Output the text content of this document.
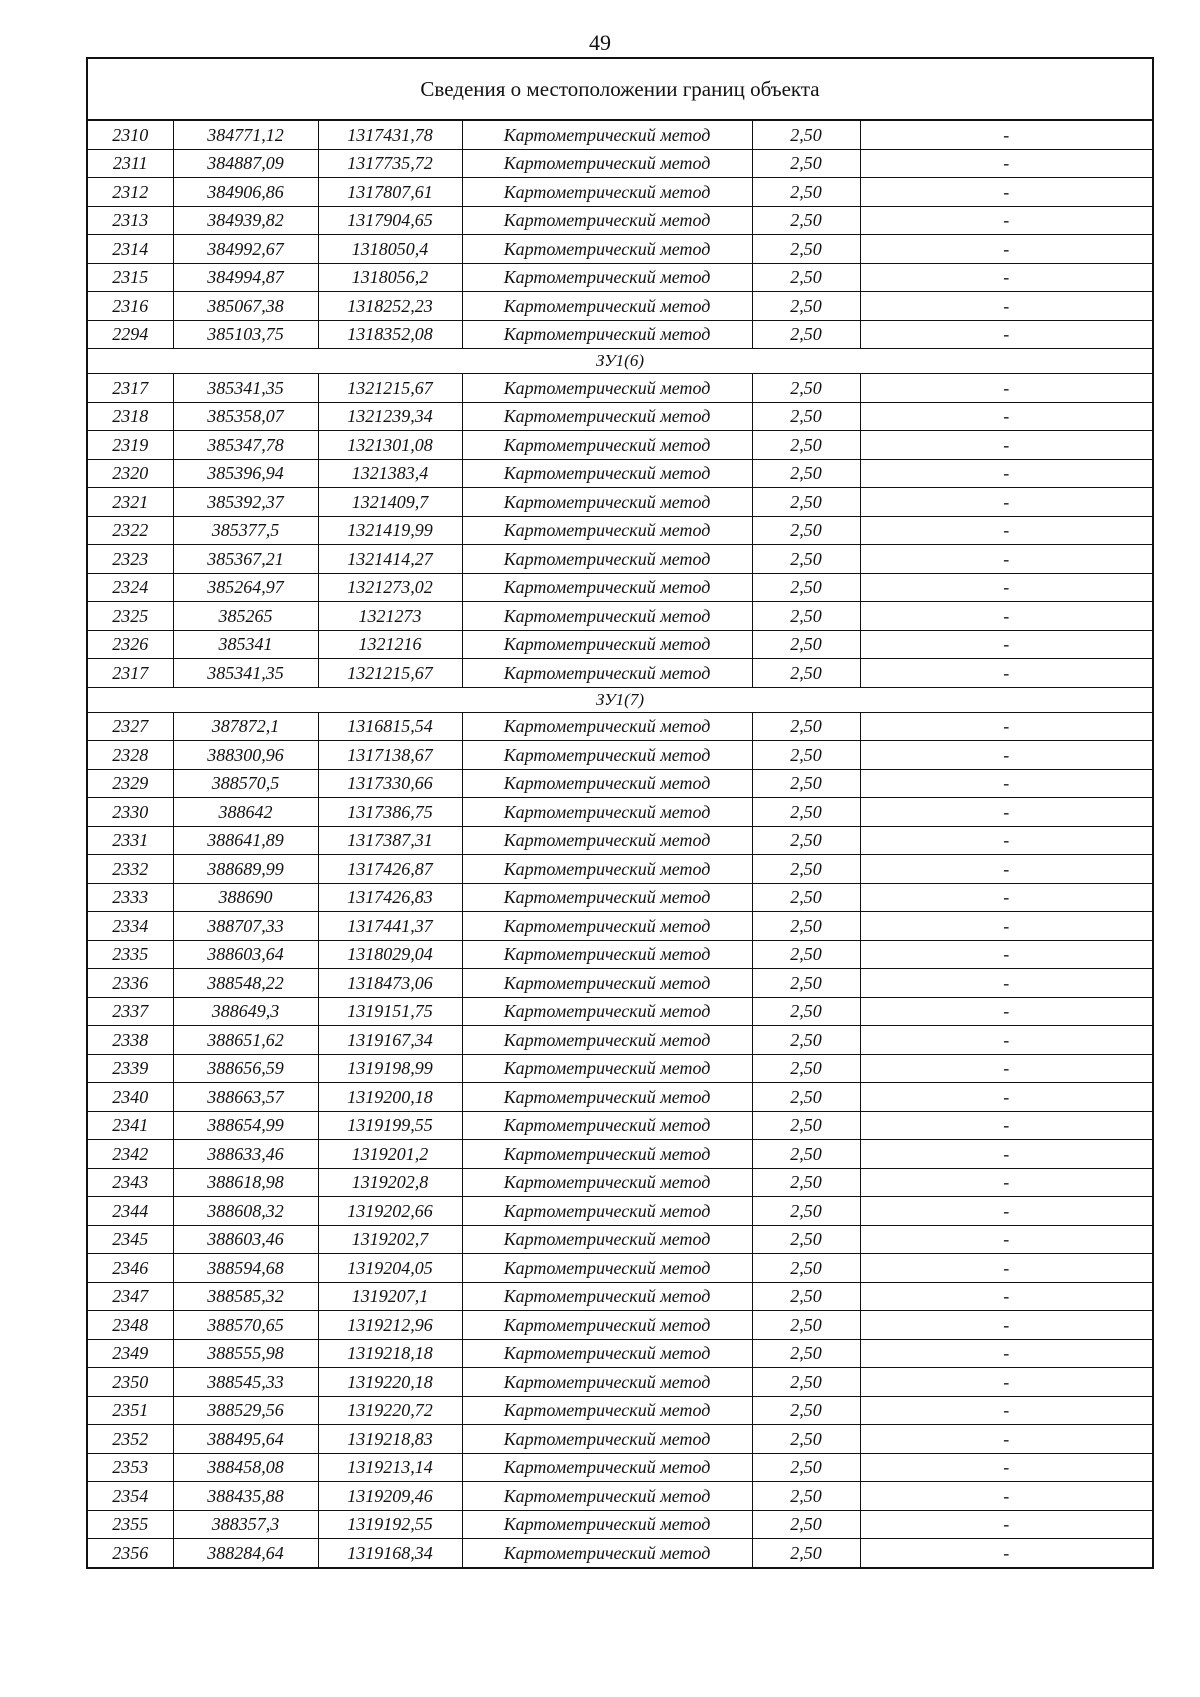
49
Сведения о местоположении границ объекта					
2310	384771,12	1317431,78	Картометрический метод	2,50	-
2311	384887,09	1317735,72	Картометрический метод	2,50	-
2312	384906,86	1317807,61	Картометрический метод	2,50	-
2313	384939,82	1317904,65	Картометрический метод	2,50	-
2314	384992,67	1318050,4	Картометрический метод	2,50	-
2315	384994,87	1318056,2	Картометрический метод	2,50	-
2316	385067,38	1318252,23	Картометрический метод	2,50	-
2294	385103,75	1318352,08	Картометрический метод	2,50	-
ЗУ1(6)					
2317	385341,35	1321215,67	Картометрический метод	2,50	-
2318	385358,07	1321239,34	Картометрический метод	2,50	-
2319	385347,78	1321301,08	Картометрический метод	2,50	-
2320	385396,94	1321383,4	Картометрический метод	2,50	-
2321	385392,37	1321409,7	Картометрический метод	2,50	-
2322	385377,5	1321419,99	Картометрический метод	2,50	-
2323	385367,21	1321414,27	Картометрический метод	2,50	-
2324	385264,97	1321273,02	Картометрический метод	2,50	-
2325	385265	1321273	Картометрический метод	2,50	-
2326	385341	1321216	Картометрический метод	2,50	-
2317	385341,35	1321215,67	Картометрический метод	2,50	-
ЗУ1(7)					
2327	387872,1	1316815,54	Картометрический метод	2,50	-
2328	388300,96	1317138,67	Картометрический метод	2,50	-
2329	388570,5	1317330,66	Картометрический метод	2,50	-
2330	388642	1317386,75	Картометрический метод	2,50	-
2331	388641,89	1317387,31	Картометрический метод	2,50	-
2332	388689,99	1317426,87	Картометрический метод	2,50	-
2333	388690	1317426,83	Картометрический метод	2,50	-
2334	388707,33	1317441,37	Картометрический метод	2,50	-
2335	388603,64	1318029,04	Картометрический метод	2,50	-
2336	388548,22	1318473,06	Картометрический метод	2,50	-
2337	388649,3	1319151,75	Картометрический метод	2,50	-
2338	388651,62	1319167,34	Картометрический метод	2,50	-
2339	388656,59	1319198,99	Картометрический метод	2,50	-
2340	388663,57	1319200,18	Картометрический метод	2,50	-
2341	388654,99	1319199,55	Картометрический метод	2,50	-
2342	388633,46	1319201,2	Картометрический метод	2,50	-
2343	388618,98	1319202,8	Картометрический метод	2,50	-
2344	388608,32	1319202,66	Картометрический метод	2,50	-
2345	388603,46	1319202,7	Картометрический метод	2,50	-
2346	388594,68	1319204,05	Картометрический метод	2,50	-
2347	388585,32	1319207,1	Картометрический метод	2,50	-
2348	388570,65	1319212,96	Картометрический метод	2,50	-
2349	388555,98	1319218,18	Картометрический метод	2,50	-
2350	388545,33	1319220,18	Картометрический метод	2,50	-
2351	388529,56	1319220,72	Картометрический метод	2,50	-
2352	388495,64	1319218,83	Картометрический метод	2,50	-
2353	388458,08	1319213,14	Картометрический метод	2,50	-
2354	388435,88	1319209,46	Картометрический метод	2,50	-
2355	388357,3	1319192,55	Картометрический метод	2,50	-
2356	388284,64	1319168,34	Картометрический метод	2,50	-
